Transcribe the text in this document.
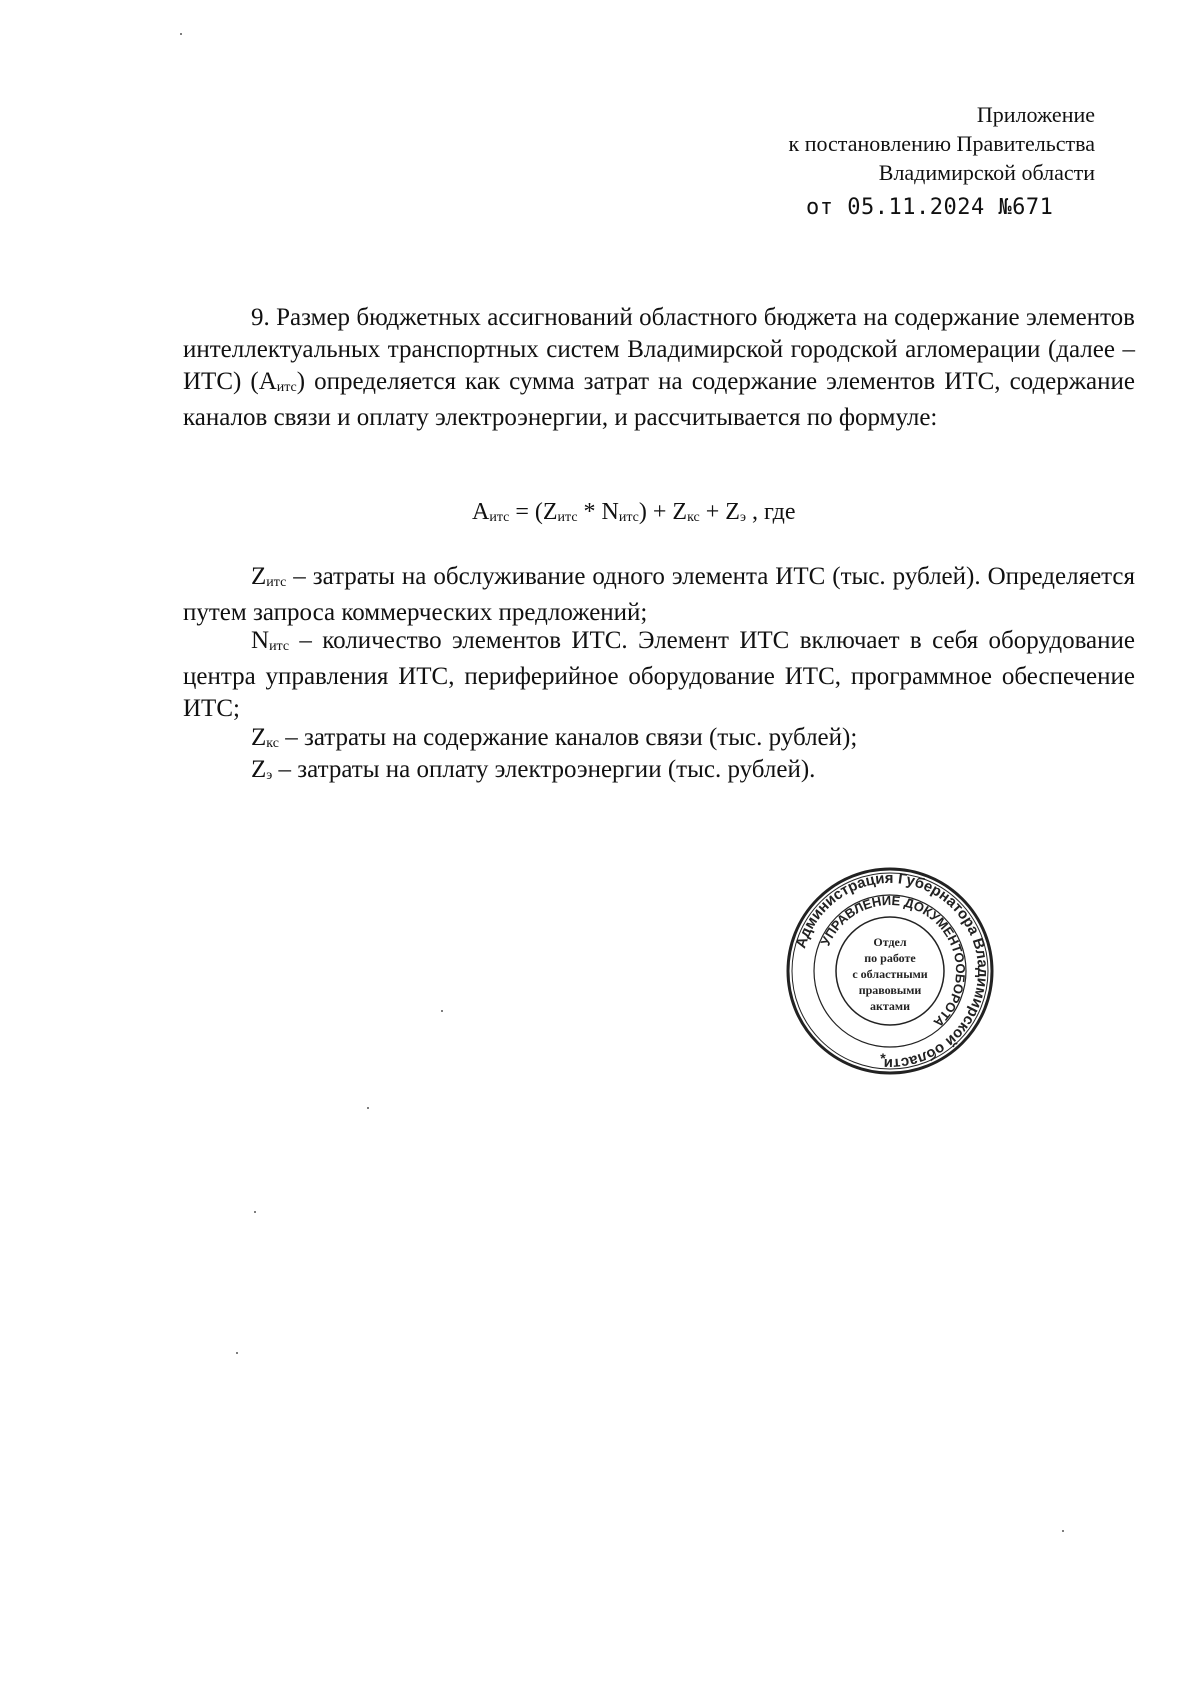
Приложение
к постановлению Правительства
Владимирской области
от 05.11.2024 №671
9. Размер бюджетных ассигнований областного бюджета на содержание элементов интеллектуальных транспортных систем Владимирской городской агломерации (далее – ИТС) (Аитс) определяется как сумма затрат на содержание элементов ИТС, содержание каналов связи и оплату электроэнергии, и рассчитывается по формуле:
Аитс = (Zитс * Nитс) + Zкс + Zэ , где
Zитс – затраты на обслуживание одного элемента ИТС (тыс. рублей). Определяется путем запроса коммерческих предложений;
Nитс – количество элементов ИТС. Элемент ИТС включает в себя оборудование центра управления ИТС, периферийное оборудование ИТС, программное обеспечение ИТС;
Zкс – затраты на содержание каналов связи (тыс. рублей);
Zэ – затраты на оплату электроэнергии (тыс. рублей).
Администрация Губернатора Владимирской области
УПРАВЛЕНИЕ ДОКУМЕНТООБОРОТА
Отдел
по работе
с областными
правовыми
актами
*
